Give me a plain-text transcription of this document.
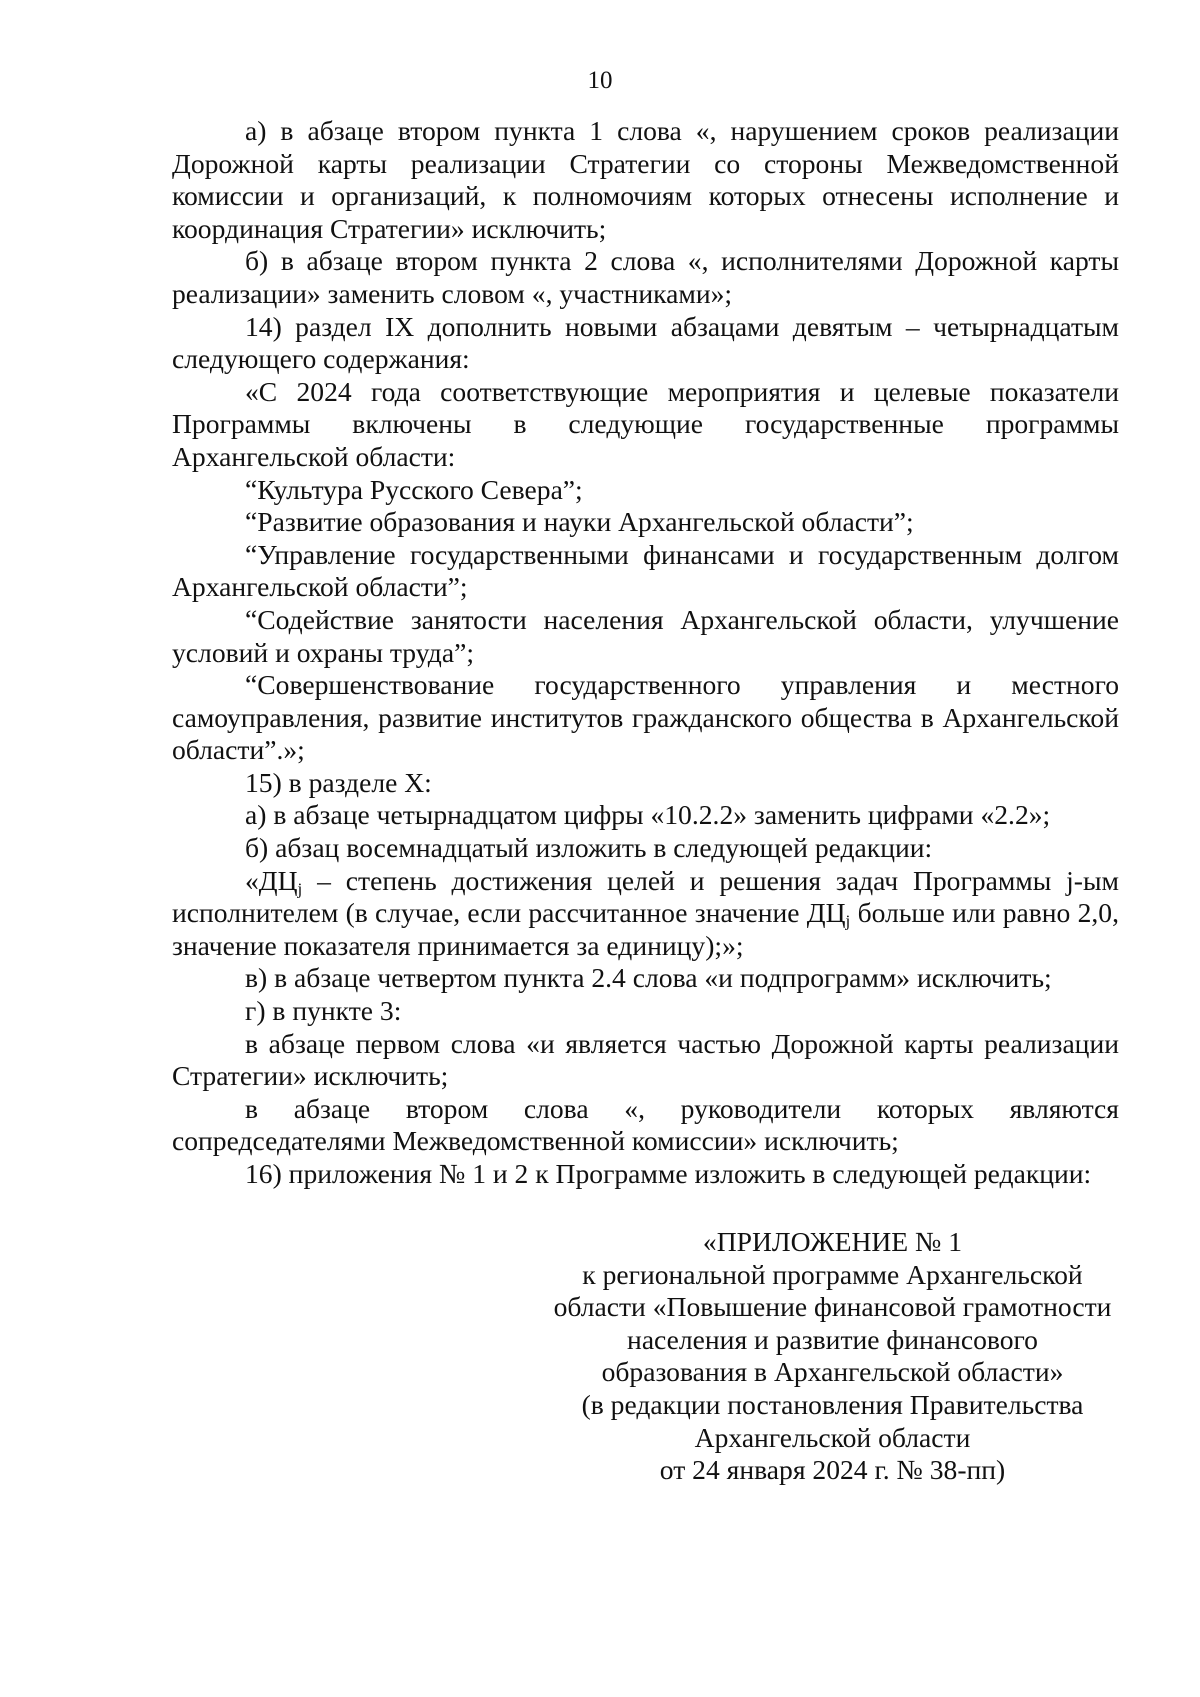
10

а) в абзаце втором пункта 1 слова «, нарушением сроков реализации Дорожной карты реализации Стратегии со стороны Межведомственной комиссии и организаций, к полномочиям которых отнесены исполнение и координация Стратегии» исключить;

б) в абзаце втором пункта 2 слова «, исполнителями Дорожной карты реализации» заменить словом «, участниками»;

14) раздел IX дополнить новыми абзацами девятым – четырнадцатым следующего содержания:

«С 2024 года соответствующие мероприятия и целевые показатели Программы включены в следующие государственные программы Архангельской области:

“Культура Русского Севера”;

“Развитие образования и науки Архангельской области”;

“Управление государственными финансами и государственным долгом Архангельской области”;

“Содействие занятости населения Архангельской области, улучшение условий и охраны труда”;

“Совершенствование государственного управления и местного самоуправления, развитие институтов гражданского общества в Архангельской области”.»;

15) в разделе X:

а) в абзаце четырнадцатом цифры «10.2.2» заменить цифрами «2.2»;

б) абзац восемнадцатый изложить в следующей редакции:

«$ДЦ_j$ – степень достижения целей и решения задач Программы j-ым исполнителем (в случае, если рассчитанное значение $ДЦ_j$ больше или равно 2,0, значение показателя принимается за единицу);»;

в) в абзаце четвертом пункта 2.4 слова «и подпрограмм» исключить;

г) в пункте 3:

в абзаце первом слова «и является частью Дорожной карты реализации Стратегии» исключить;

в абзаце втором слова «, руководители которых являются сопредседателями Межведомственной комиссии» исключить;

16) приложения № 1 и 2 к Программе изложить в следующей редакции:

«ПРИЛОЖЕНИЕ № 1
к региональной программе Архангельской
области «Повышение финансовой грамотности
населения и развитие финансового
образования в Архангельской области»
(в редакции постановления Правительства
Архангельской области
от 24 января 2024 г. № 38-пп)
